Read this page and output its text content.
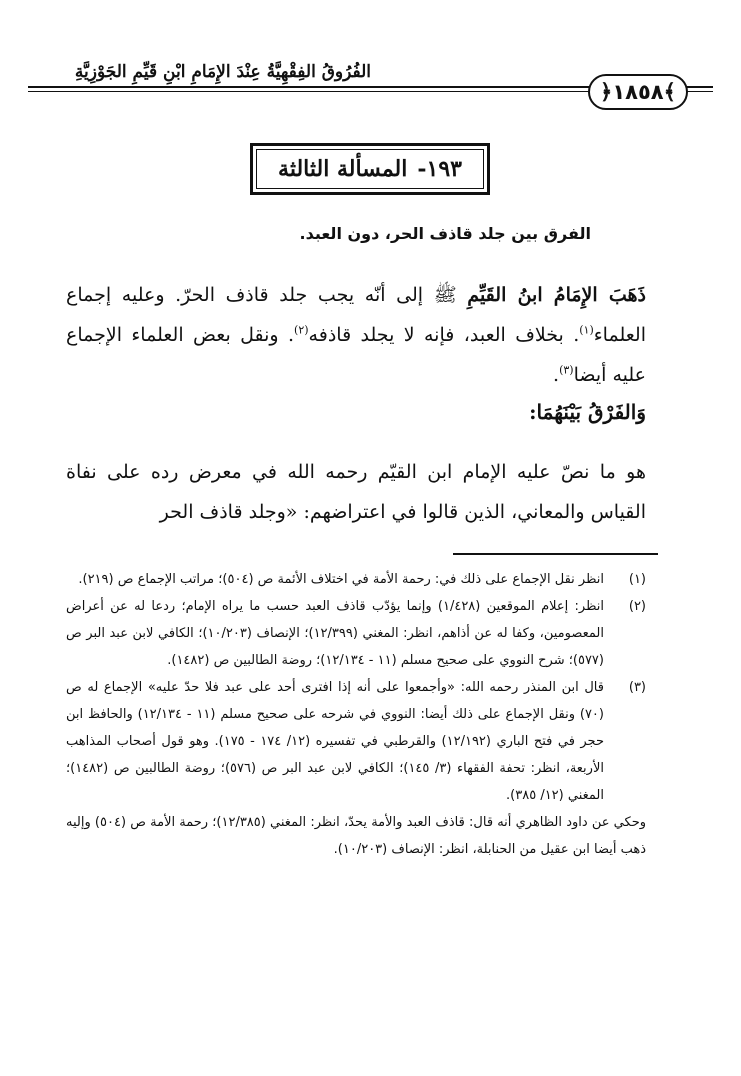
الفُرُوقُ الفِقْهِيَّةُ عِنْدَ الإِمَامِ ابْنِ قَيِّمِ الجَوْزِيَّةِ
﴿١٨٥٨﴾
١٩٣-
المسألة الثالثة
الفرق بين جلد قاذف الحر، دون العبد.
ذَهَبَ الإِمَامُ ابنُ القَيِّمِ ﷺ إلى أنّه يجب جلد قاذف الحرّ. وعليه إجماع العلماء$^{(١)}$. بخلاف العبد، فإنه لا يجلد قاذفه$^{(٢)}$. ونقل بعض العلماء الإجماع عليه أيضا$^{(٣)}$.
وَالفَرْقُ بَيْنَهُمَا:
هو ما نصّ عليه الإمام ابن القيّم رحمه الله في معرض رده على نفاة القياس والمعاني، الذين قالوا في اعتراضهم: «وجلد قاذف الحر
(١)
انظر نقل الإجماع على ذلك في: رحمة الأمة في اختلاف الأئمة ص (٥٠٤)؛ مراتب الإجماع ص (٢١٩).
(٢)
انظر: إعلام الموقعين (١/٤٢٨) وإنما يؤدّب قاذف العبد حسب ما يراه الإمام؛ ردعا له عن أعراض المعصومين، وكفا له عن أذاهم، انظر: المغني (١٢/٣٩٩)؛ الإنصاف (١٠/٢٠٣)؛ الكافي لابن عبد البر ص (٥٧٧)؛ شرح النووي على صحيح مسلم (١١ - ١٢/١٣٤)؛ روضة الطالبين ص (١٤٨٢).
(٣)
قال ابن المنذر رحمه الله: «وأجمعوا على أنه إذا افترى أحد على عبد فلا حدّ عليه» الإجماع له ص (٧٠) ونقل الإجماع على ذلك أيضا: النووي في شرحه على صحيح مسلم (١١ - ١٢/١٣٤) والحافظ ابن حجر في فتح الباري (١٢/١٩٢) والقرطبي في تفسيره (١٢/ ١٧٤ - ١٧٥). وهو قول أصحاب المذاهب الأربعة، انظر: تحفة الفقهاء (٣/ ١٤٥)؛ الكافي لابن عبد البر ص (٥٧٦)؛ روضة الطالبين ص (١٤٨٢)؛ المغني (١٢/ ٣٨٥).
وحكي عن داود الظاهري أنه قال: قاذف العبد والأمة يحدّ، انظر: المغني (١٢/٣٨٥)؛ رحمة الأمة ص (٥٠٤) وإليه ذهب أيضا ابن عقيل من الحنابلة، انظر: الإنصاف (١٠/٢٠٣).
